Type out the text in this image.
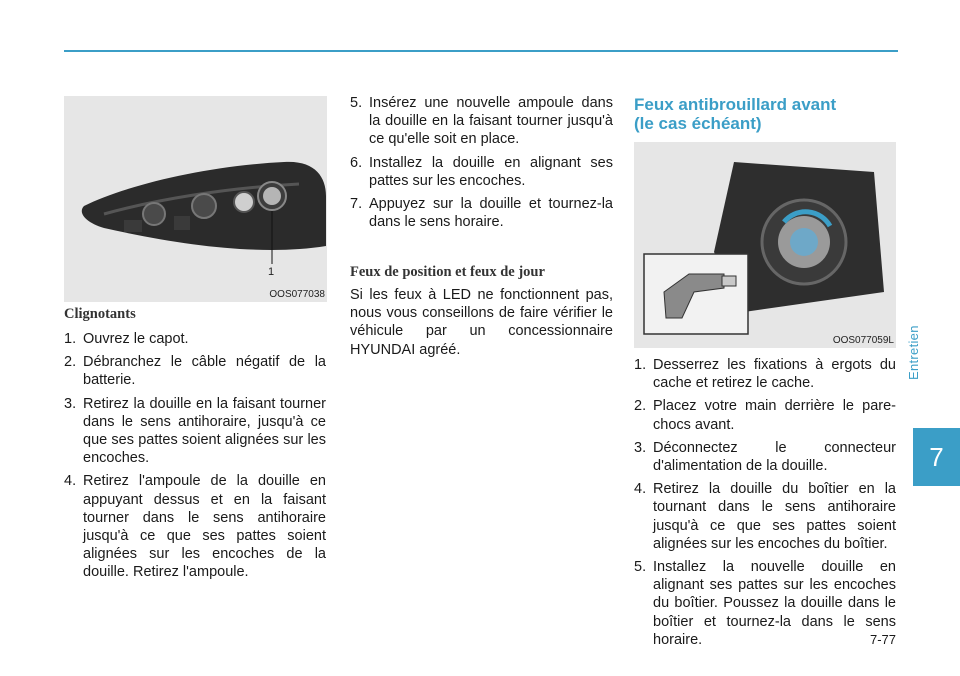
Entretien
7
1
OOS077038
Clignotants
1. Ouvrez le capot.
2. Débranchez le câble négatif de la batterie.
3. Retirez la douille en la faisant tourner dans le sens antihoraire, jusqu'à ce que ses pattes soient alignées sur les encoches.
4. Retirez l'ampoule de la douille en appuyant dessus et en la faisant tourner dans le sens antihoraire jusqu'à ce que ses pattes soient alignées sur les encoches de la douille. Retirez l'ampoule.
5. Insérez une nouvelle ampoule dans la douille en la faisant tourner jusqu'à ce qu'elle soit en place.
6. Installez la douille en alignant ses pattes sur les encoches.
7. Appuyez sur la douille et tournez-la dans le sens horaire.
Feux de position et feux de jour

Si les feux à LED ne fonctionnent pas, nous vous conseillons de faire vérifier le véhicule par un concessionnaire HYUNDAI agréé.

Feux antibrouillard avant
(le cas échéant)
OOS077059L
1. Desserrez les fixations à ergots du cache et retirez le cache.
2. Placez votre main derrière le pare-chocs avant.
3. Déconnectez le connecteur d'alimentation de la douille.
4. Retirez la douille du boîtier en la tournant dans le sens antihoraire jusqu'à ce que ses pattes soient alignées sur les encoches du boîtier.
5. Installez la nouvelle douille en alignant ses pattes sur les encoches du boîtier. Poussez la douille dans le boîtier et tournez-la dans le sens horaire.	7-77
